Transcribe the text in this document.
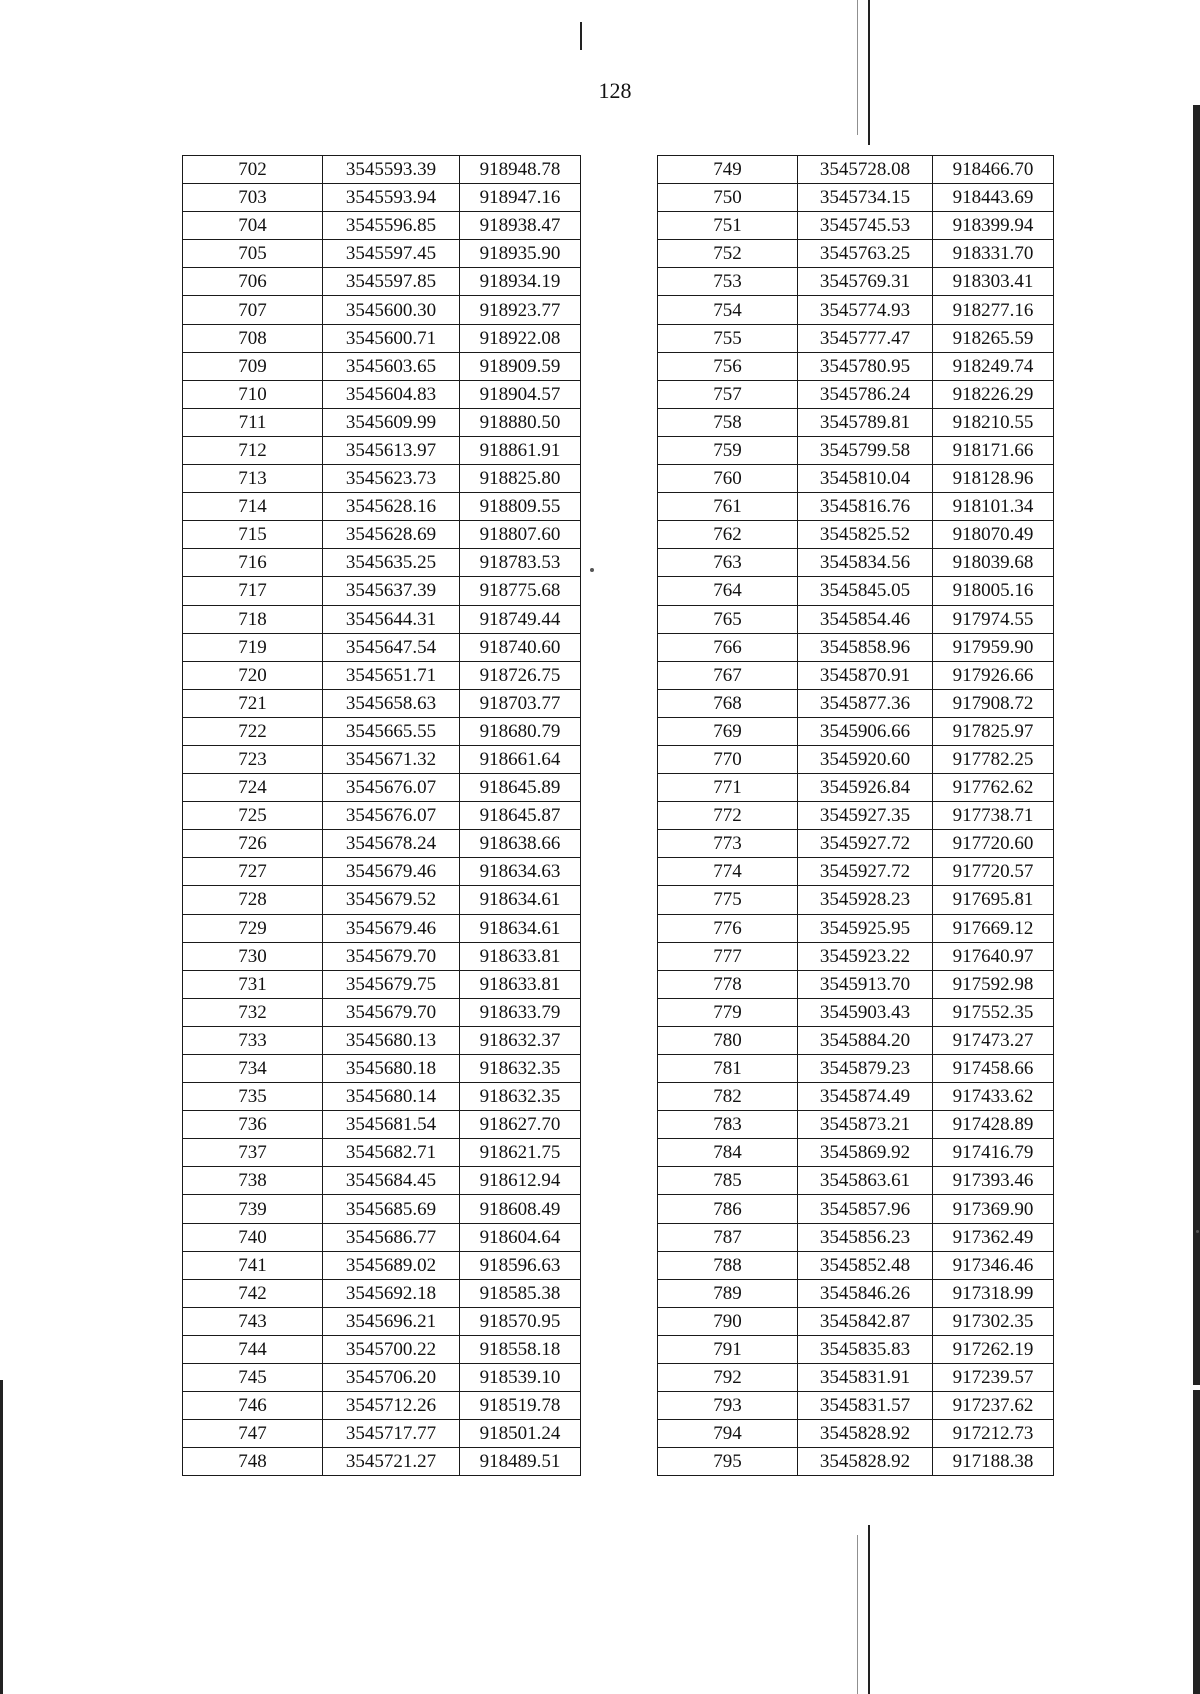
128
702	3545593.39	918948.78
703	3545593.94	918947.16
704	3545596.85	918938.47
705	3545597.45	918935.90
706	3545597.85	918934.19
707	3545600.30	918923.77
708	3545600.71	918922.08
709	3545603.65	918909.59
710	3545604.83	918904.57
711	3545609.99	918880.50
712	3545613.97	918861.91
713	3545623.73	918825.80
714	3545628.16	918809.55
715	3545628.69	918807.60
716	3545635.25	918783.53
717	3545637.39	918775.68
718	3545644.31	918749.44
719	3545647.54	918740.60
720	3545651.71	918726.75
721	3545658.63	918703.77
722	3545665.55	918680.79
723	3545671.32	918661.64
724	3545676.07	918645.89
725	3545676.07	918645.87
726	3545678.24	918638.66
727	3545679.46	918634.63
728	3545679.52	918634.61
729	3545679.46	918634.61
730	3545679.70	918633.81
731	3545679.75	918633.81
732	3545679.70	918633.79
733	3545680.13	918632.37
734	3545680.18	918632.35
735	3545680.14	918632.35
736	3545681.54	918627.70
737	3545682.71	918621.75
738	3545684.45	918612.94
739	3545685.69	918608.49
740	3545686.77	918604.64
741	3545689.02	918596.63
742	3545692.18	918585.38
743	3545696.21	918570.95
744	3545700.22	918558.18
745	3545706.20	918539.10
746	3545712.26	918519.78
747	3545717.77	918501.24
748	3545721.27	918489.51
749	3545728.08	918466.70
750	3545734.15	918443.69
751	3545745.53	918399.94
752	3545763.25	918331.70
753	3545769.31	918303.41
754	3545774.93	918277.16
755	3545777.47	918265.59
756	3545780.95	918249.74
757	3545786.24	918226.29
758	3545789.81	918210.55
759	3545799.58	918171.66
760	3545810.04	918128.96
761	3545816.76	918101.34
762	3545825.52	918070.49
763	3545834.56	918039.68
764	3545845.05	918005.16
765	3545854.46	917974.55
766	3545858.96	917959.90
767	3545870.91	917926.66
768	3545877.36	917908.72
769	3545906.66	917825.97
770	3545920.60	917782.25
771	3545926.84	917762.62
772	3545927.35	917738.71
773	3545927.72	917720.60
774	3545927.72	917720.57
775	3545928.23	917695.81
776	3545925.95	917669.12
777	3545923.22	917640.97
778	3545913.70	917592.98
779	3545903.43	917552.35
780	3545884.20	917473.27
781	3545879.23	917458.66
782	3545874.49	917433.62
783	3545873.21	917428.89
784	3545869.92	917416.79
785	3545863.61	917393.46
786	3545857.96	917369.90
787	3545856.23	917362.49
788	3545852.48	917346.46
789	3545846.26	917318.99
790	3545842.87	917302.35
791	3545835.83	917262.19
792	3545831.91	917239.57
793	3545831.57	917237.62
794	3545828.92	917212.73
795	3545828.92	917188.38
